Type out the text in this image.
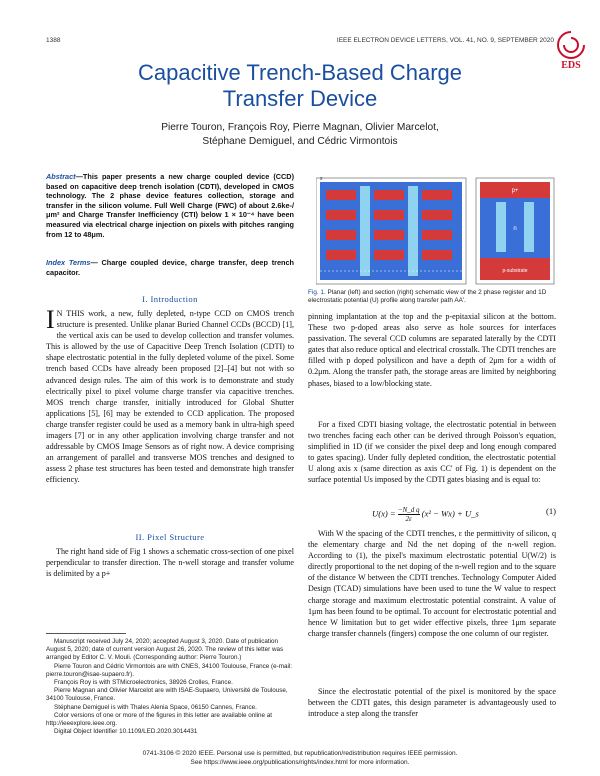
1388	IEEE ELECTRON DEVICE LETTERS, VOL. 41, NO. 9, SEPTEMBER 2020
EDS
Capacitive Trench-Based Charge
Transfer Device
Pierre Touron, François Roy, Pierre Magnan, Olivier Marcelot,
Stéphane Demiguel, and Cédric Virmontois
Abstract—This paper presents a new charge coupled device (CCD) based on capacitive deep trench isolation (CDTI), developed in CMOS technology. The 2 phase device features collection, storage and transfer in the silicon volume. Full Well Charge (FWC) of about 2.6ke-/μm² and Charge Transfer Inefficiency (CTI) below 1 × 10⁻⁴ have been measured via electrical charge injection on pixels with pitches ranging from 12 to 48μm.
Index Terms— Charge coupled device, charge transfer, deep trench capacitor.
I. Introduction
I N THIS work, a new, fully depleted, n-type CCD on CMOS trench structure is presented. Unlike planar Buried Channel CCDs (BCCD) [1], the vertical axis can be used to develop collection and transfer volumes. This is allowed by the use of Capacitive Deep Trench Isolation (CDTI) to shape electrostatic potential in the fully depleted volume of the pixel. Some trench based CCDs have already been proposed [2]–[4] but not with so advanced design rules. The aim of this work is to demonstrate and study electrically pixel to pixel volume charge transfer via capacitive trenches. MOS trench charge transfer, initially introduced for Global Shutter applications [5], [6] may be extended to CCD application. The proposed charge transfer register could be used as a memory bank in ultra-high speed imagers [7] or in any other application involving charge transfer and not addressable by CMOS Image Sensors as of right now. A device comprising an arrangement of parallel and transverse MOS trenches and designed to assess 2 phase test structures has been tested and demonstrate high transfer efficiency.
II. Pixel Structure

The right hand side of Fig 1 shows a schematic cross-section of one pixel perpendicular to transfer direction. The n-well storage and transfer volume is delimited by a p+

Manuscript received July 24, 2020; accepted August 3, 2020. Date of publication August 5, 2020; date of current version August 26, 2020. The review of this letter was arranged by Editor C. V. Mouli. (Corresponding author: Pierre Touron.)

Pierre Touron and Cédric Virmontois are with CNES, 34100 Toulouse, France (e-mail: pierre.touron@isae-supaero.fr).

François Roy is with STMicroelectronics, 38926 Crolles, France.

Pierre Magnan and Olivier Marcelot are with ISAE-Supaero, Université de Toulouse, 34100 Toulouse, France.

Stéphane Demiguel is with Thales Alenia Space, 06150 Cannes, France.

Color versions of one or more of the figures in this letter are available online at http://ieeexplore.ieee.org.

Digital Object Identifier 10.1109/LED.2020.3014431

p+
n
p-substrate
x
Fig. 1. Planar (left) and section (right) schematic view of the 2 phase register and 1D electrostatic potential (U) profile along transfer path AA'.

pinning implantation at the top and the p-epitaxial silicon at the bottom. These two p-doped areas also serve as hole sources for interfaces passivation. The several CCD columns are separated laterally by the CDTI gates that also reduce optical and electrical crosstalk. The CDTI trenches are filled with p doped polysilicon and have a depth of 2μm for a width of 0.2μm. Along the transfer path, the storage areas are limited by neighboring phases, biased to a low/blocking state.

For a fixed CDTI biasing voltage, the electrostatic potential in between two trenches facing each other can be derived through Poisson's equation, simplified in 1D (if we consider the pixel deep and long enough compared to gates spacing). Under fully depleted condition, the electrostatic potential U along axis x (same direction as axis CC' of Fig. 1) is dependent on the surface potential Us imposed by the CDTI gates biasing and is equal to:

$U(x) = \frac{\text{−N\_d q}}{2\varepsilon} (x^2 - Wx)$ + U_s	(1)

With W the spacing of the CDTI trenches, ε the permittivity of silicon, q the elementary charge and Nd the net doping of the n-well region. According to (1), the pixel's maximum electrostatic potential U(W/2) is directly proportional to the net doping of the n-well region and to the square of the distance W between the CDTI trenches. Technology Computer Aided Design (TCAD) simulations have been used to tune the W value to respect charge storage and maximum electrostatic potential constraint. A value of 1μm has been found to be optimal. To account for electrostatic potential and hence W limitation but to get wider effective pixels, three 1μm separate charge transfer channels (fingers) compose the one column of our register.

Since the electrostatic potential of the pixel is monitored by the space between the CDTI gates, this design parameter is advantageously used to introduce a step along the transfer

0741-3106 © 2020 IEEE. Personal use is permitted, but republication/redistribution requires IEEE permission.
See https://www.ieee.org/publications/rights/index.html for more information.
